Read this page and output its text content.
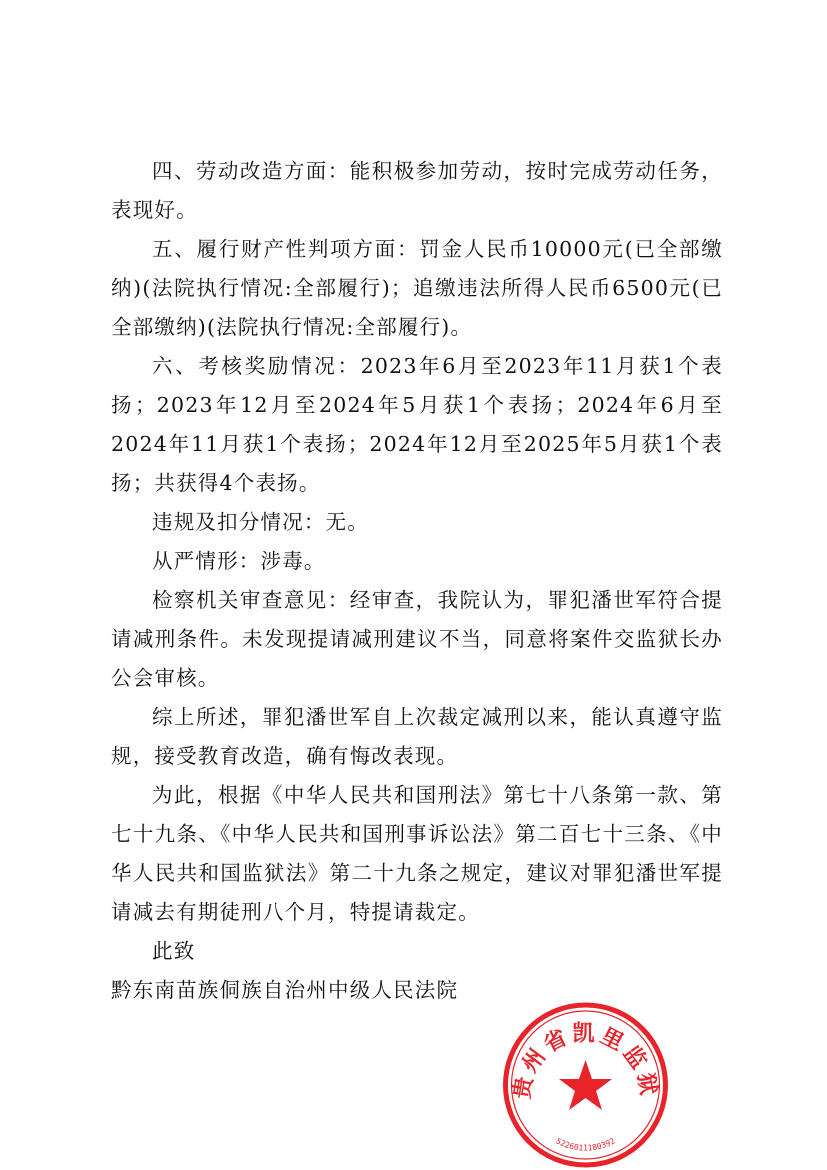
四、劳动改造方面：能积极参加劳动，按时完成劳动任务，表现好。

五、履行财产性判项方面：罚金人民币10000元(已全部缴纳)(法院执行情况:全部履行)；追缴违法所得人民币6500元(已全部缴纳)(法院执行情况:全部履行)。

六、考核奖励情况：2023年6月至2023年11月获1个表扬；2023年12月至2024年5月获1个表扬；2024年6月至2024年11月获1个表扬；2024年12月至2025年5月获1个表扬；共获得4个表扬。

违规及扣分情况：无。

从严情形：涉毒。

检察机关审查意见：经审查，我院认为，罪犯潘世军符合提请减刑条件。未发现提请减刑建议不当，同意将案件交监狱长办公会审核。

综上所述，罪犯潘世军自上次裁定减刑以来，能认真遵守监规，接受教育改造，确有悔改表现。

为此，根据《中华人民共和国刑法》第七十八条第一款、第七十九条、《中华人民共和国刑事诉讼法》第二百七十三条、《中华人民共和国监狱法》第二十九条之规定，建议对罪犯潘世军提请减去有期徒刑八个月，特提请裁定。

此致

黔东南苗族侗族自治州中级人民法院

贵州省凯里监狱
5226011180392
